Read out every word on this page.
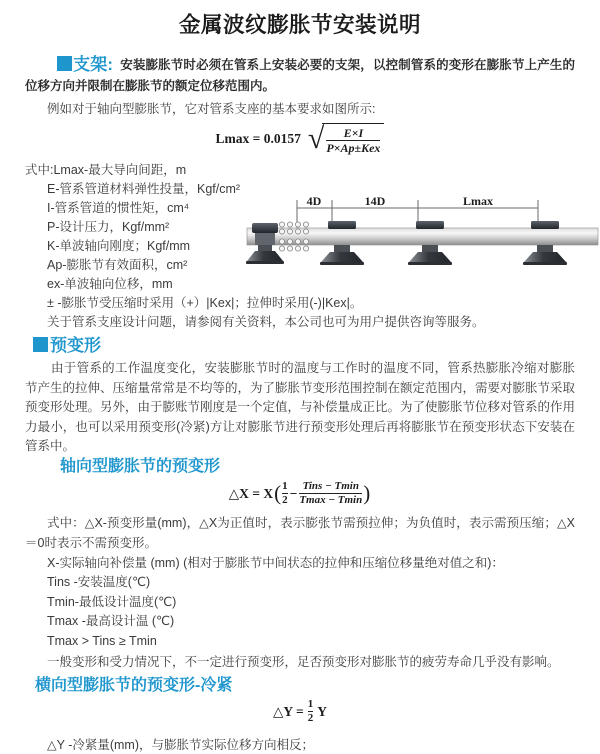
金属波纹膨胀节安装说明

支架: 安装膨胀节时必须在管系上安装必要的支架，以控制管系的变形在膨胀节上产生的位移方向并限制在膨胀节的额定位移范围内。

例如对于轴向型膨胀节，它对管系支座的基本要求如图所示:

Lmax = 0.0157 √ $\frac{E\times I}{\text{P×Ap±Kex}}$
式中:Lmax-最大导向间距，m
E-管系管道材料弹性投量，Kgf/cm²
I-管系管道的惯性矩，cm⁴
P-设计压力，Kgf/mm²
K-单波轴向刚度；Kgf/mm
Ap-膨胀节有效面积，cm²
ex-单波轴向位移，mm
± -膨胀节受压缩时采用（+）|Kex|；拉伸时采用(-)|Kex|。
关于管系支座设计问题，请参阅有关资料，本公司也可为用户提供咨询等服务。
预变形

由于管系的工作温度变化，安装膨胀节时的温度与工作时的温度不同，管系热膨胀冷缩对膨胀节产生的拉伸、压缩量常常是不均等的，为了膨胀节变形范围控制在额定范围内，需要对膨胀节采取预变形处理。另外，由于膨账节刚度是一个定值，与补偿量成正比。为了使膨胀节位移对管系的作用力最小，也可以采用预变形(冷紧)方让对膨胀节进行预变形处理后再将膨胀节在预变形状态下安装在管系中。

轴向型膨胀节的预变形
△X = X ( $\frac{1}{2} - \frac{\text{Tins − Tmin}}{Tmax - Tmin}$ )

式中：△X-预变形量(mm)，△X为正值时，表示膨张节需预拉伸；为负值时，表示需预压缩；△X＝0时表示不需预变形。

X-实际轴向补偿量 (mm) (相对于膨胀节中间状态的拉伸和压缩位移量绝对值之和)：
Tins -安装温度(℃)
Tmin-最低设计温度(℃)
Tmax -最高设计温 (℃)
Tmax > Tins ≥ Tmin
一般变形和受力情况下，不一定进行预变形，足否预变形对膨胀节的疲劳寿命几乎没有影响。
横向型膨胀节的预变形-冷紧
△Y = $\frac{1}{2}$ Y

△Y -冷紧量(mm)，与膨胀节实际位移方向相反；

4D	14D	Lmax
